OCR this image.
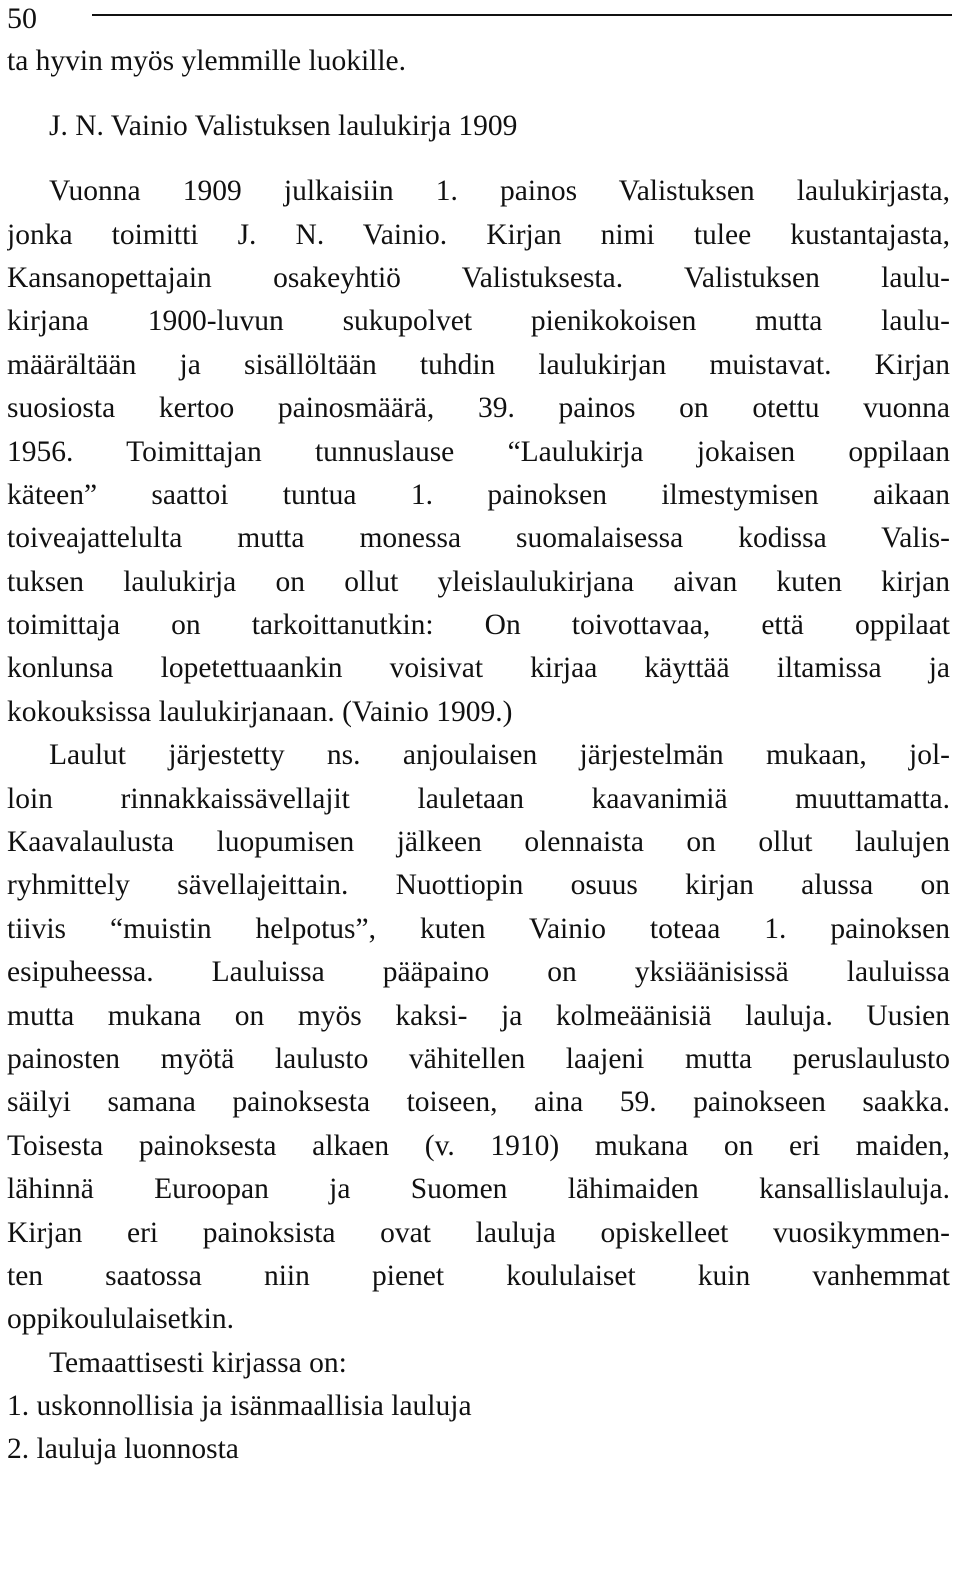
50
ta hyvin myös ylemmille luokille.
J. N. Vainio Valistuksen laulukirja 1909
Vuonna 1909 julkaisiin 1. painos Valistuksen laulukirjasta,
jonka toimitti J. N. Vainio. Kirjan nimi tulee kustantajasta,
Kansanopettajain osakeyhtiö Valistuksesta. Valistuksen laulu-
kirjana 1900-luvun sukupolvet pienikokoisen mutta laulu-
määrältään ja sisällöltään tuhdin laulukirjan muistavat. Kirjan
suosiosta kertoo painosmäärä, 39. painos on otettu vuonna
1956. Toimittajan tunnuslause “Laulukirja jokaisen oppilaan
käteen” saattoi tuntua 1. painoksen ilmestymisen aikaan
toiveajattelulta mutta monessa suomalaisessa kodissa Valis-
tuksen laulukirja on ollut yleislaulukirjana aivan kuten kirjan
toimittaja on tarkoittanutkin: On toivottavaa, että oppilaat
konlunsa lopetettuaankin voisivat kirjaa käyttää iltamissa ja
kokouksissa laulukirjanaan. (Vainio 1909.)
Laulut järjestetty ns. anjoulaisen järjestelmän mukaan, jol-
loin rinnakkaissävellajit lauletaan kaavanimiä muuttamatta.
Kaavalaulusta luopumisen jälkeen olennaista on ollut laulujen
ryhmittely sävellajeittain. Nuottiopin osuus kirjan alussa on
tiivis “muistin helpotus”, kuten Vainio toteaa 1. painoksen
esipuheessa. Lauluissa pääpaino on yksiäänisissä lauluissa
mutta mukana on myös kaksi- ja kolmeäänisiä lauluja. Uusien
painosten myötä laulusto vähitellen laajeni mutta peruslaulusto
säilyi samana painoksesta toiseen, aina 59. painokseen saakka.
Toisesta painoksesta alkaen (v. 1910) mukana on eri maiden,
lähinnä Euroopan ja Suomen lähimaiden kansallislauluja.
Kirjan eri painoksista ovat lauluja opiskelleet vuosikymmen-
ten saatossa niin pienet koululaiset kuin vanhemmat
oppikoululaisetkin.
Temaattisesti kirjassa on:
1. uskonnollisia ja isänmaallisia lauluja
2. lauluja luonnosta
